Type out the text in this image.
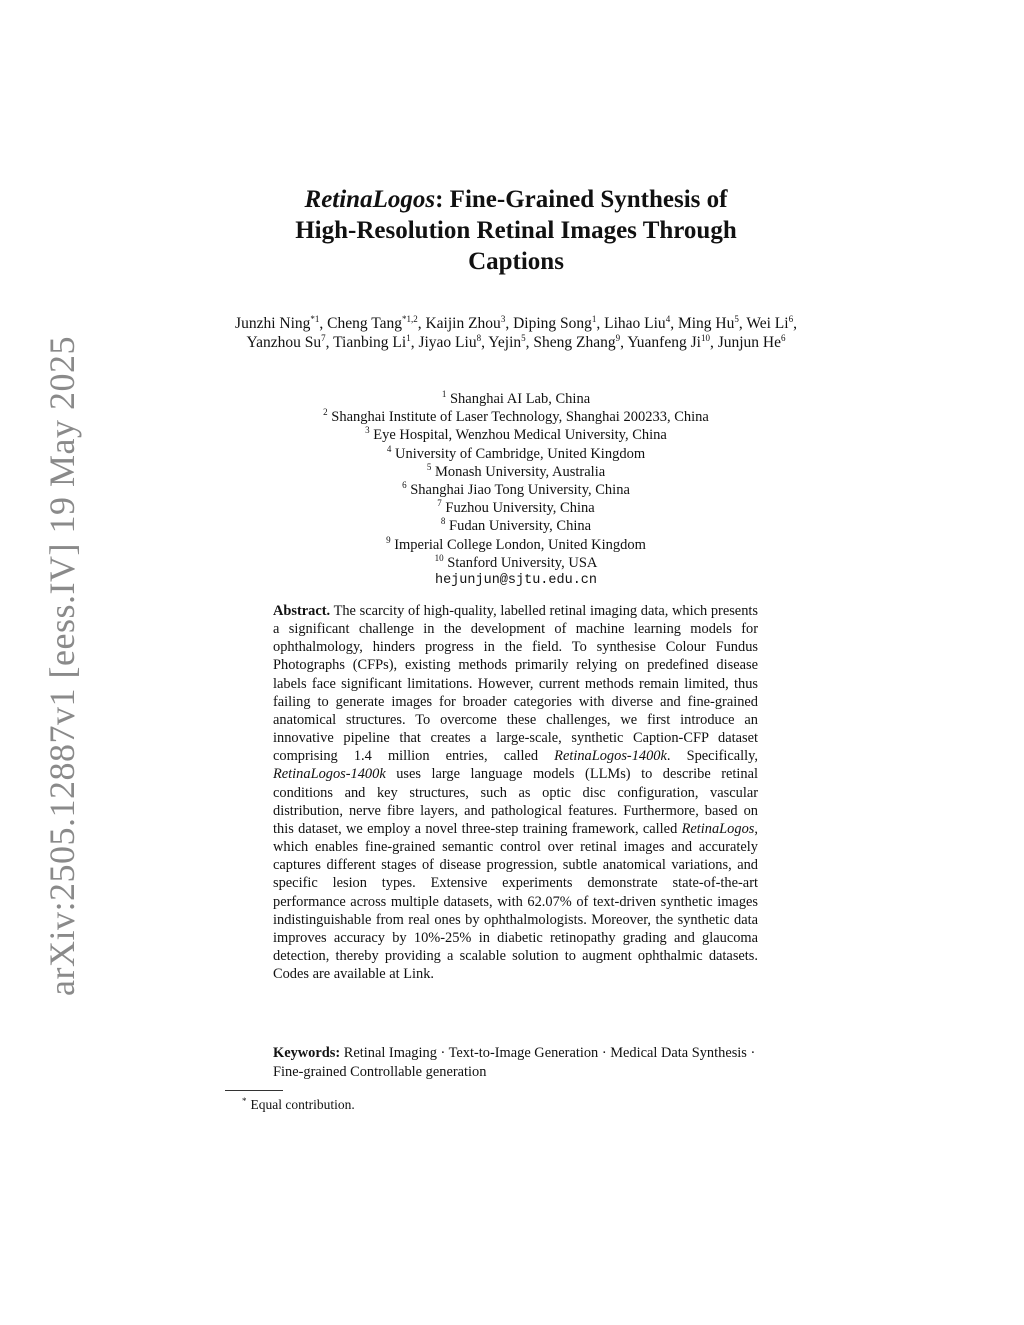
arXiv:2505.12887v1 [eess.IV] 19 May 2025
RetinaLogos: Fine-Grained Synthesis of
High-Resolution Retinal Images Through
Captions
Junzhi Ning$^{*1}$, Cheng Tang$^{*1,2}$, Kaijin Zhou$^3$, Diping Song$^1$, Lihao Liu$^4$, Ming Hu$^5$, Wei Li$^6$, Yanzhou Su$^7$, Tianbing Li$^1$, Jiyao Liu$^8$, Yejin$^5$, Sheng Zhang$^9$, Yuanfeng Ji$^{10}$, Junjun He$^6$
$^1$ Shanghai AI Lab, China
$^2$ Shanghai Institute of Laser Technology, Shanghai 200233, China
$^3$ Eye Hospital, Wenzhou Medical University, China
$^4$ University of Cambridge, United Kingdom
$^5$ Monash University, Australia
$^6$ Shanghai Jiao Tong University, China
$^7$ Fuzhou University, China
$^8$ Fudan University, China
$^9$ Imperial College London, United Kingdom
$^{10}$ Stanford University, USA
hejunjun@sjtu.edu.cn
Abstract. The scarcity of high-quality, labelled retinal imaging data, which presents a significant challenge in the development of machine learning models for ophthalmology, hinders progress in the field. To synthesise Colour Fundus Photographs (CFPs), existing methods primarily relying on predefined disease labels face significant limitations. However, current methods remain limited, thus failing to generate images for broader categories with diverse and fine-grained anatomical structures. To overcome these challenges, we first introduce an innovative pipeline that creates a large-scale, synthetic Caption-CFP dataset comprising 1.4 million entries, called RetinaLogos-1400k. Specifically, RetinaLogos-1400k uses large language models (LLMs) to describe retinal conditions and key structures, such as optic disc configuration, vascular distribution, nerve fibre layers, and pathological features. Furthermore, based on this dataset, we employ a novel three-step training framework, called RetinaLogos, which enables fine-grained semantic control over retinal images and accurately captures different stages of disease progression, subtle anatomical variations, and specific lesion types. Extensive experiments demonstrate state-of-the-art performance across multiple datasets, with 62.07% of text-driven synthetic images indistinguishable from real ones by ophthalmologists. Moreover, the synthetic data improves accuracy by 10%-25% in diabetic retinopathy grading and glaucoma detection, thereby providing a scalable solution to augment ophthalmic datasets. Codes are available at Link.
Keywords: Retinal Imaging · Text-to-Image Generation · Medical Data Synthesis · Fine-grained Controllable generation
* Equal contribution.
